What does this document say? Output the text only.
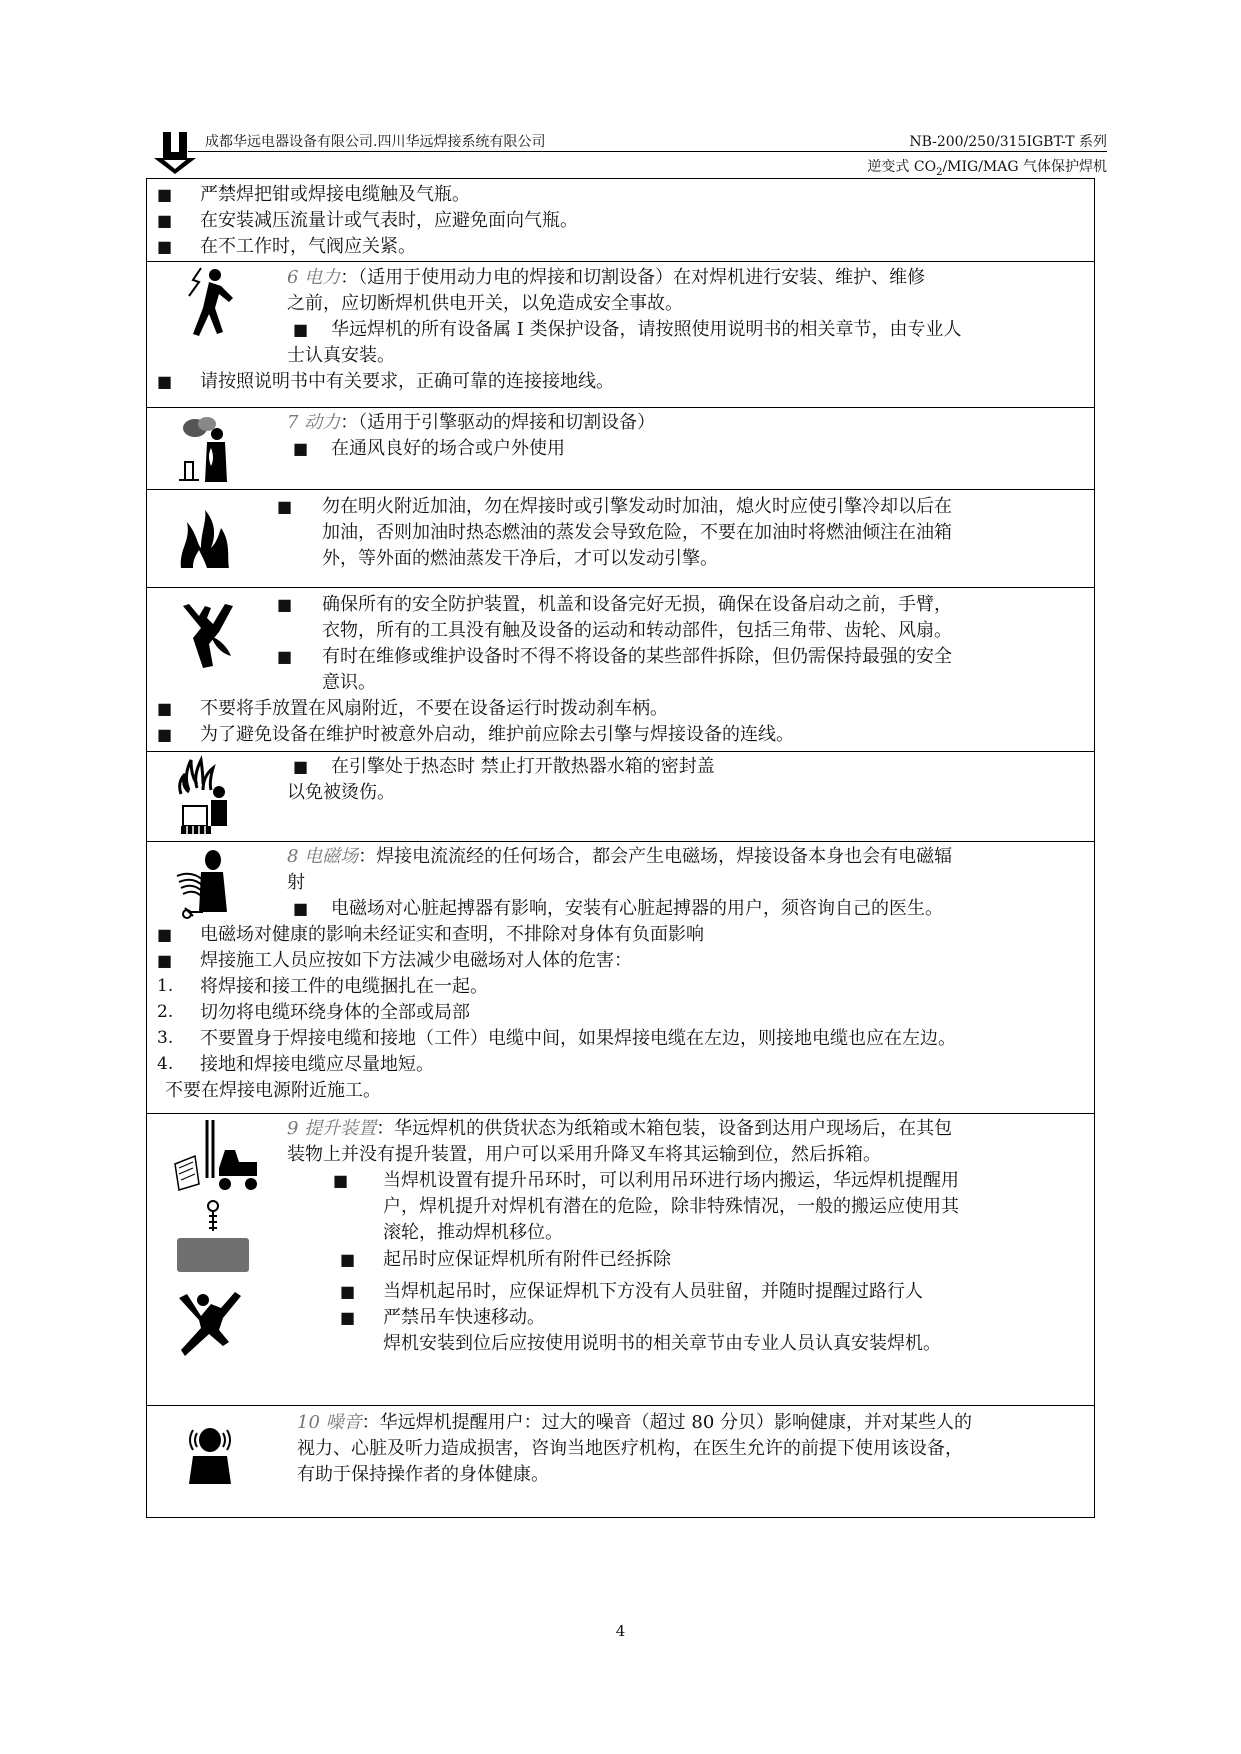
成都华远电器设备有限公司.四川华远焊接系统有限公司	NB-200/250/315IGBT-T 系列
逆变式 $CO_2/MIG$/MAG 气体保护焊机
■ 严禁焊把钳或焊接电缆触及气瓶。
■ 在安装减压流量计或气表时，应避免面向气瓶。
■ 在不工作时，气阀应关紧。
6 电力：（适用于使用动力电的焊接和切割设备）在对焊机进行安装、维护、维修
之前，应切断焊机供电开关，以免造成安全事故。
■ 华远焊机的所有设备属 I 类保护设备，请按照使用说明书的相关章节，由专业人
士认真安装。
■ 请按照说明书中有关要求，正确可靠的连接接地线。
7 动力：（适用于引擎驱动的焊接和切割设备）
■ 在通风良好的场合或户外使用
■ 勿在明火附近加油，勿在焊接时或引擎发动时加油，熄火时应使引擎冷却以后在
加油，否则加油时热态燃油的蒸发会导致危险，不要在加油时将燃油倾注在油箱
外，等外面的燃油蒸发干净后，才可以发动引擎。
■ 确保所有的安全防护装置，机盖和设备完好无损，确保在设备启动之前，手臂，
衣物，所有的工具没有触及设备的运动和转动部件，包括三角带、齿轮、风扇。
■ 有时在维修或维护设备时不得不将设备的某些部件拆除，但仍需保持最强的安全
意识。
■ 不要将手放置在风扇附近，不要在设备运行时拨动刹车柄。
■ 为了避免设备在维护时被意外启动，维护前应除去引擎与焊接设备的连线。
■ 在引擎处于热态时 禁止打开散热器水箱的密封盖
以免被烫伤。
8 电磁场：焊接电流流经的任何场合，都会产生电磁场，焊接设备本身也会有电磁辐
射
■ 电磁场对心脏起搏器有影响，安装有心脏起搏器的用户，须咨询自己的医生。
■ 电磁场对健康的影响未经证实和查明，不排除对身体有负面影响
■ 焊接施工人员应按如下方法减少电磁场对人体的危害：
1. 将焊接和接工件的电缆捆扎在一起。
2. 切勿将电缆环绕身体的全部或局部
3. 不要置身于焊接电缆和接地（工件）电缆中间，如果焊接电缆在左边，则接地电缆也应在左边。
4. 接地和焊接电缆应尽量地短。
不要在焊接电源附近施工。
9 提升装置：华远焊机的供货状态为纸箱或木箱包装，设备到达用户现场后，在其包
装物上并没有提升装置，用户可以采用升降叉车将其运输到位，然后拆箱。
■ 当焊机设置有提升吊环时，可以利用吊环进行场内搬运，华远焊机提醒用
户，焊机提升对焊机有潜在的危险，除非特殊情况，一般的搬运应使用其
滚轮，推动焊机移位。
■ 起吊时应保证焊机所有附件已经拆除
■ 当焊机起吊时，应保证焊机下方没有人员驻留，并随时提醒过路行人
■ 严禁吊车快速移动。
焊机安装到位后应按使用说明书的相关章节由专业人员认真安装焊机。
10 噪音：华远焊机提醒用户：过大的噪音（超过 80 分贝）影响健康，并对某些人的
视力、心脏及听力造成损害，咨询当地医疗机构，在医生允许的前提下使用该设备，
有助于保持操作者的身体健康。
4
